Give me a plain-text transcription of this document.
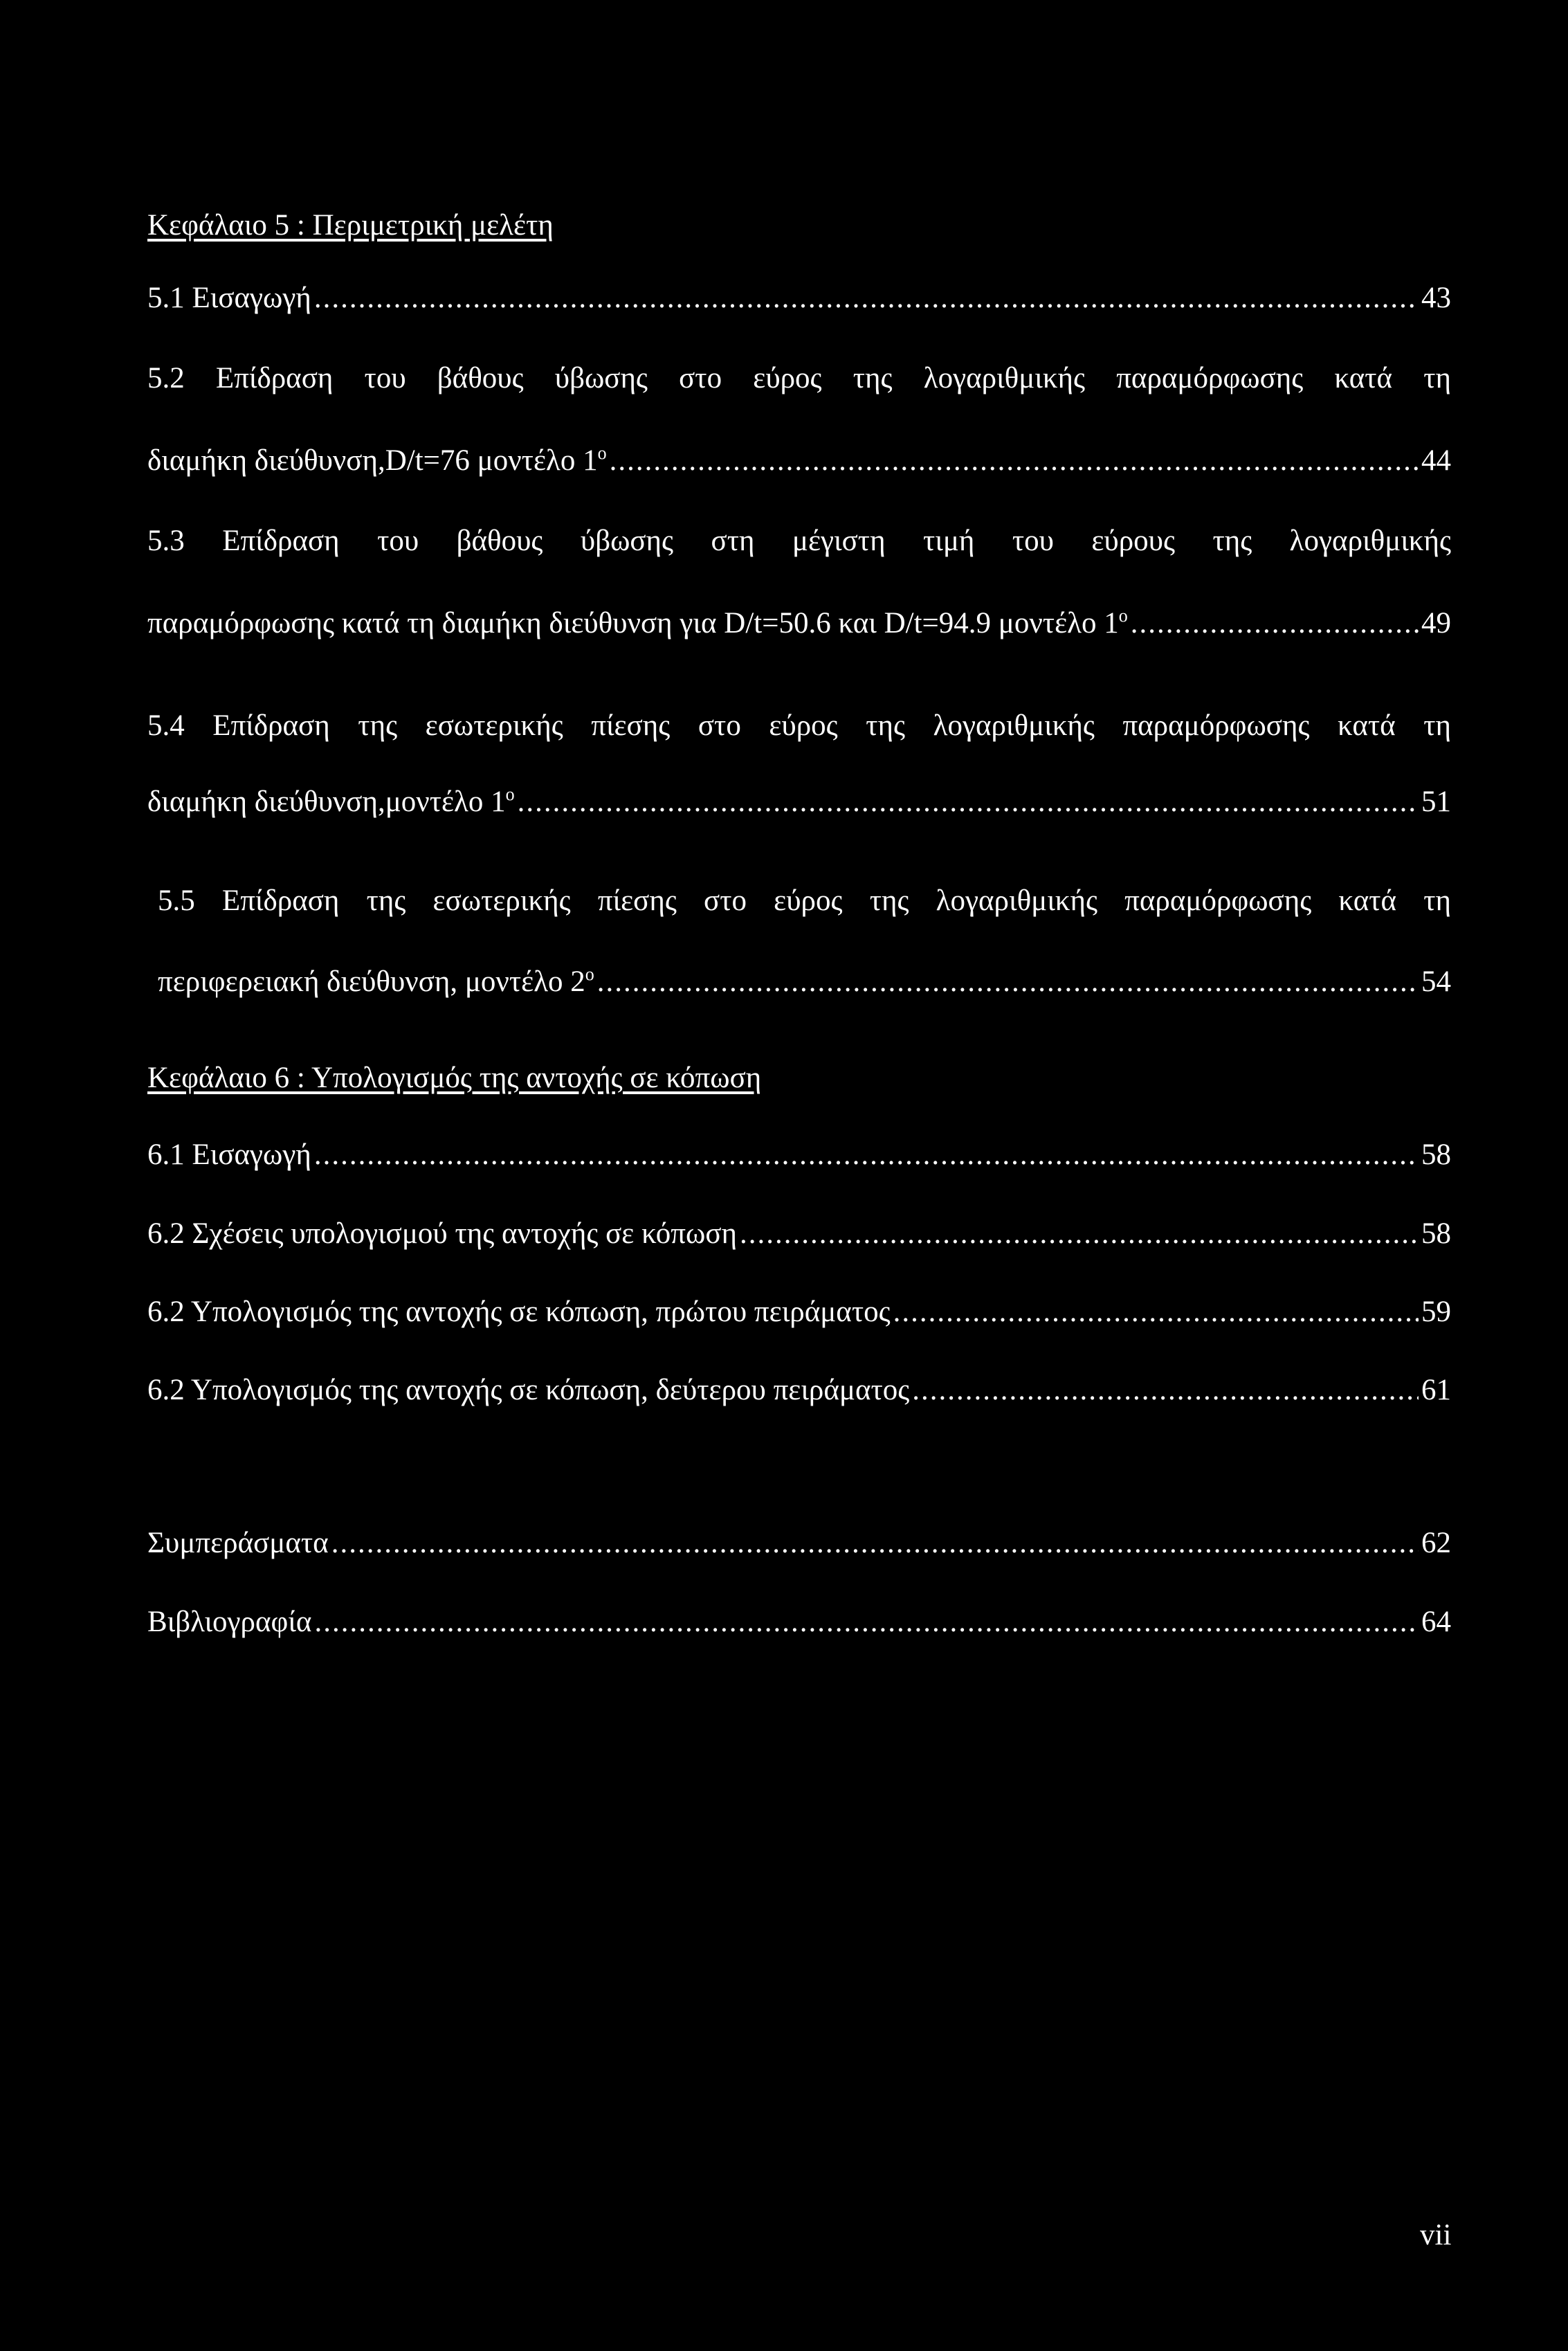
Κεφάλαιο 5 : Περιμετρική μελέτη
5.1 Εισαγωγή .....	43
5.2 Επίδραση του βάθους ύβωσης στο εύρος της λογαριθμικής παραμόρφωσης κατά τη
διαμήκη διεύθυνση,D/t=76 μοντέλο $1^o$ .....	44
5.3 Επίδραση του βάθους ύβωσης στη μέγιστη τιμή του εύρους της λογαριθμικής
παραμόρφωσης κατά τη διαμήκη διεύθυνση για D/t=50.6 και D/t=94.9 μοντέλο $1^o$ .....	49
5.4 Επίδραση της εσωτερικής πίεσης στο εύρος της λογαριθμικής παραμόρφωσης κατά τη
διαμήκη διεύθυνση,μοντέλο $1^o$ .....	51
5.5 Επίδραση της εσωτερικής πίεσης στο εύρος της λογαριθμικής παραμόρφωσης κατά τη
περιφερειακή διεύθυνση, μοντέλο $2^o$ .....	54
Κεφάλαιο 6 : Υπολογισμός της αντοχής σε κόπωση
6.1 Εισαγωγή .....	58
6.2 Σχέσεις υπολογισμού της αντοχής σε κόπωση .....	58
6.2 Υπολογισμός της αντοχής σε κόπωση, πρώτου πειράματος .....	59
6.2 Υπολογισμός της αντοχής σε κόπωση, δεύτερου πειράματος .....	61
Συμπεράσματα .....	62
Βιβλιογραφία .....	64
vii
